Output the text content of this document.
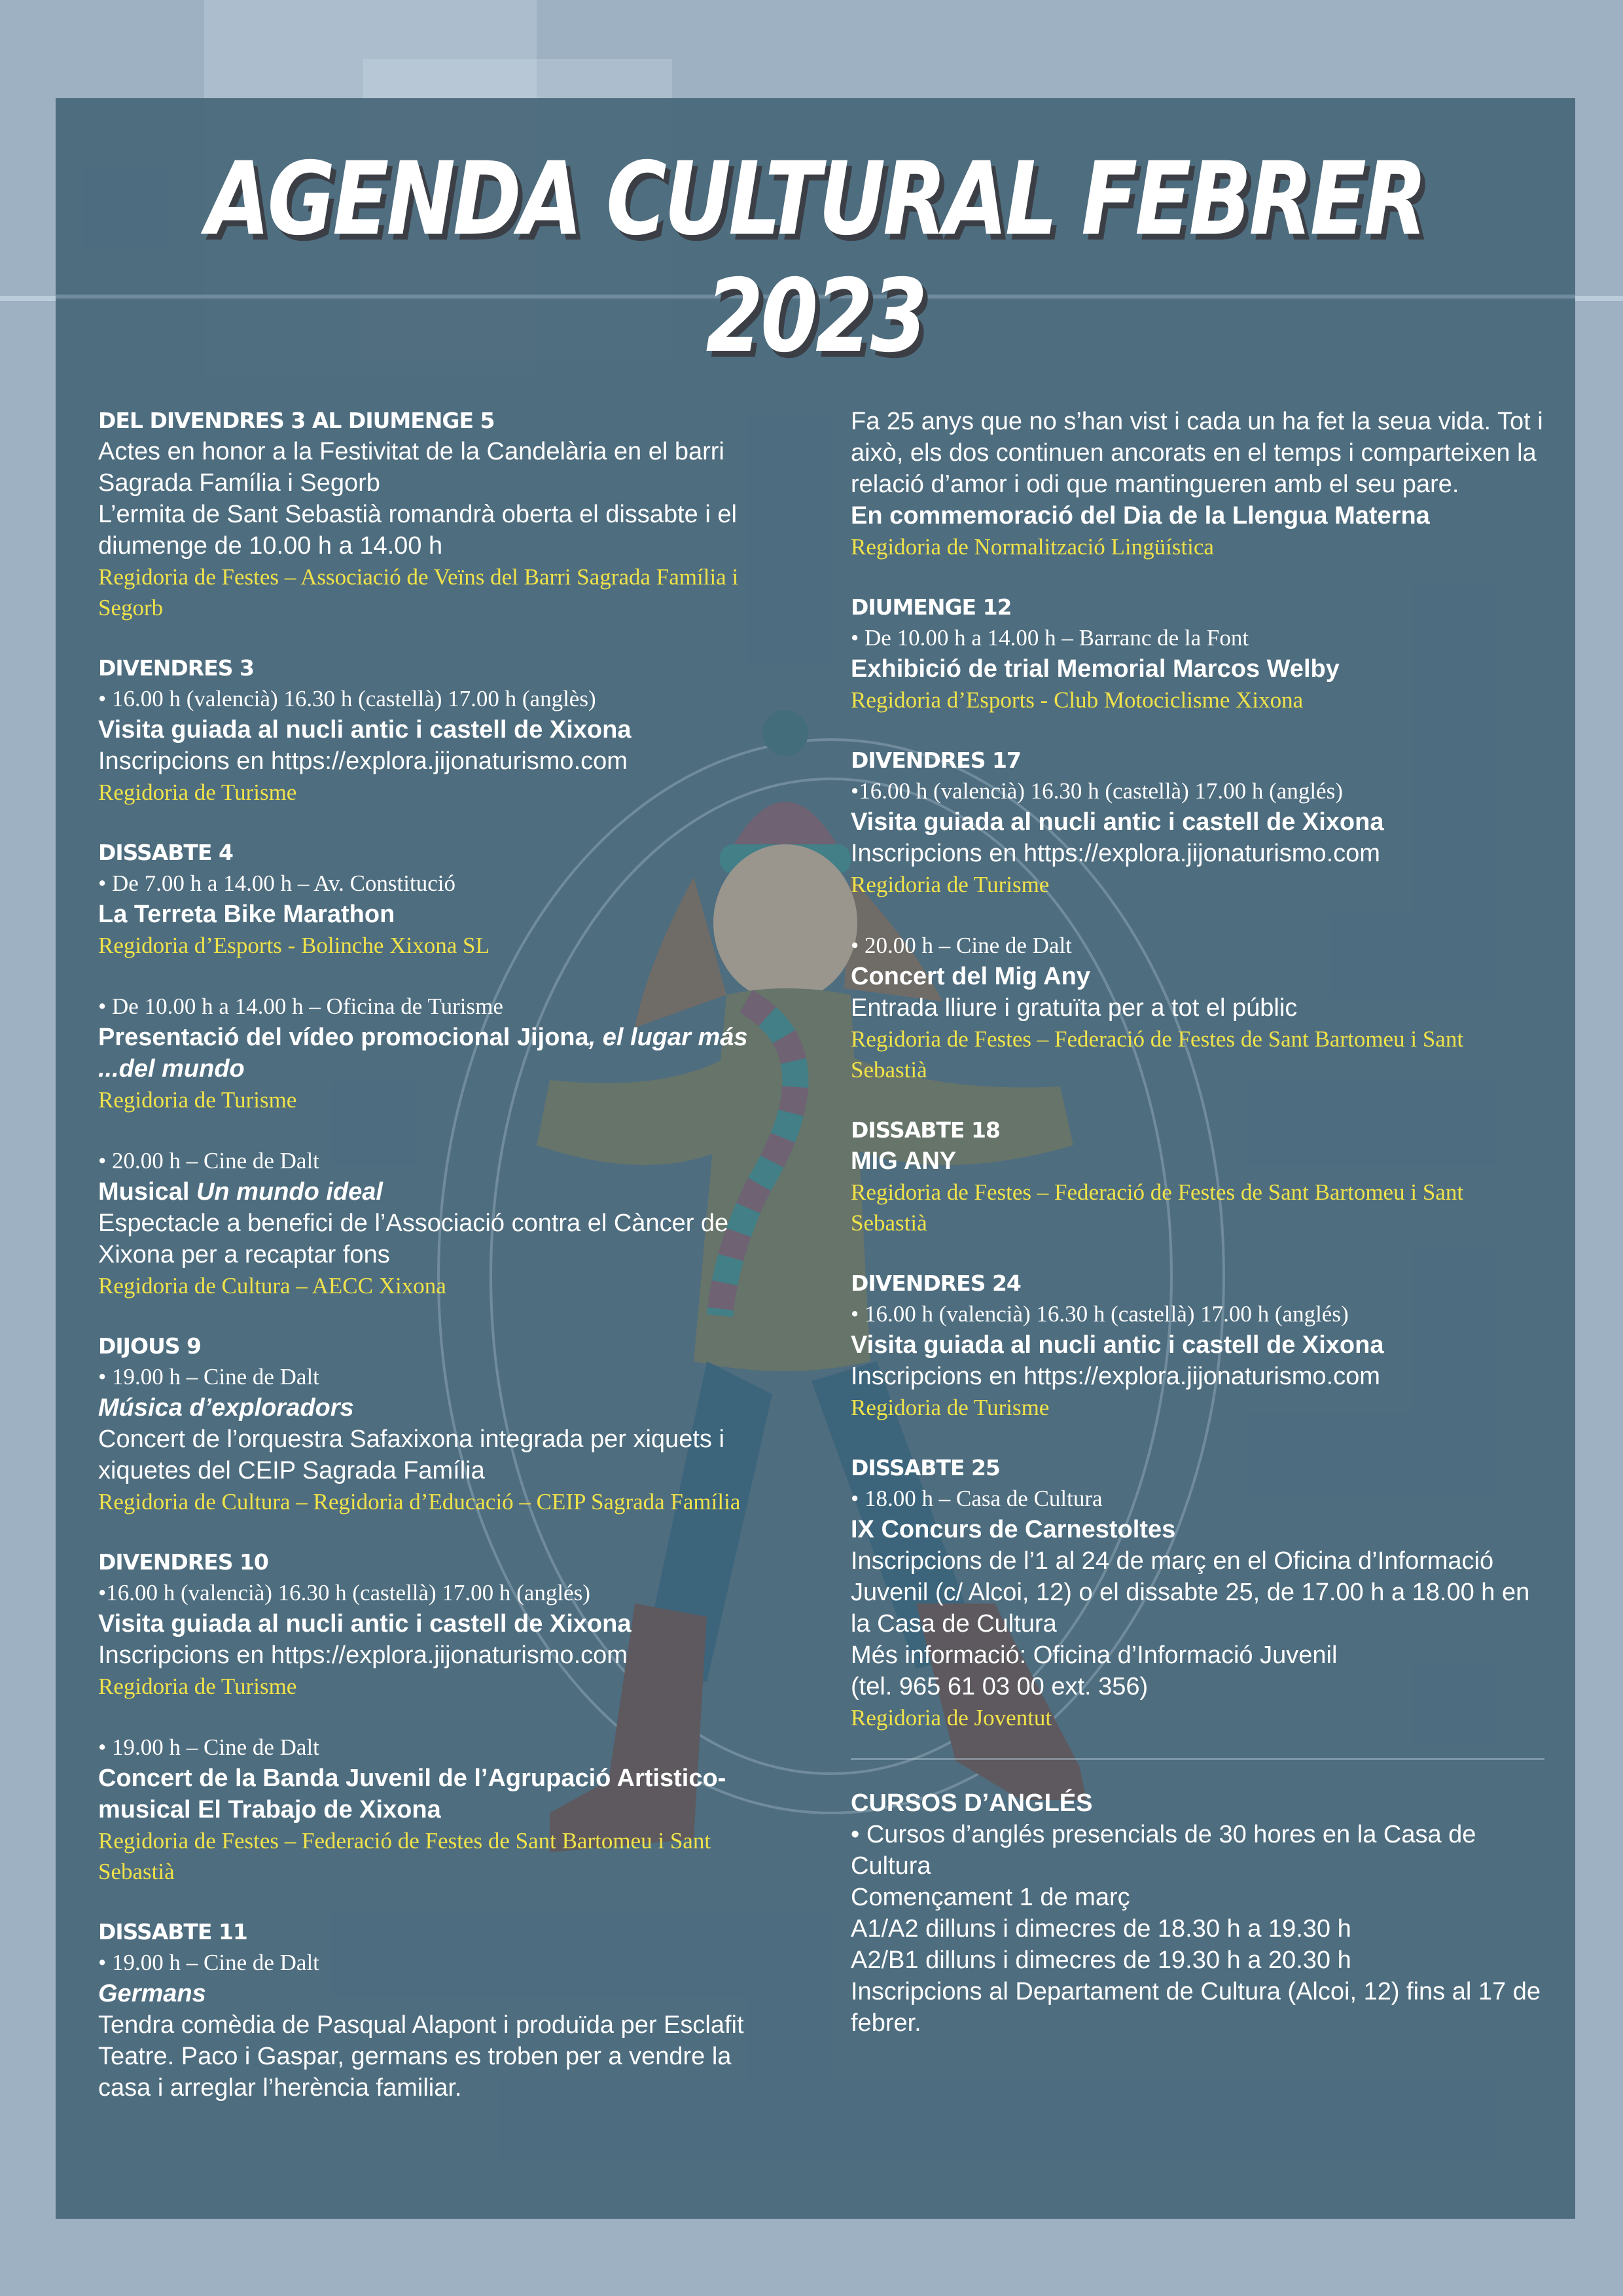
AGENDA CULTURAL FEBRER 2023

DEL DIVENDRES 3 AL DIUMENGE 5

Actes en honor a la Festivitat de la Candelària en el barri Sagrada Família i Segorb

L’ermita de Sant Sebastià romandrà oberta el dissabte i el diumenge de 10.00 h a 14.00 h

Regidoria de Festes – Associació de Veïns del Barri Sagrada Família i Segorb

DIVENDRES 3

• 16.00 h (valencià) 16.30 h (castellà) 17.00 h (anglès)

Visita guiada al nucli antic i castell de Xixona

Inscripcions en https://explora.jijonaturismo.com

Regidoria de Turisme

DISSABTE 4

• De 7.00 h a 14.00 h – Av. Constitució

La Terreta Bike Marathon

Regidoria d’Esports - Bolinche Xixona SL

• De 10.00 h a 14.00 h – Oficina de Turisme

Presentació del vídeo promocional Jijona, el lugar más ...del mundo

Regidoria de Turisme

• 20.00 h – Cine de Dalt

Musical Un mundo ideal

Espectacle a benefici de l’Associació contra el Càncer de Xixona per a recaptar fons

Regidoria de Cultura – AECC Xixona

DIJOUS 9

• 19.00 h – Cine de Dalt

Música d’exploradors

Concert de l’orquestra Safaxixona integrada per xiquets i xiquetes del CEIP Sagrada Família

Regidoria de Cultura – Regidoria d’Educació – CEIP Sagrada Família

DIVENDRES 10

•16.00 h (valencià) 16.30 h (castellà) 17.00 h (anglés)

Visita guiada al nucli antic i castell de Xixona

Inscripcions en https://explora.jijonaturismo.com

Regidoria de Turisme

• 19.00 h – Cine de Dalt

Concert de la Banda Juvenil de l’Agrupació Artistico-musical El Trabajo de Xixona

Regidoria de Festes – Federació de Festes de Sant Bartomeu i Sant Sebastià

DISSABTE 11

• 19.00 h – Cine de Dalt

Germans

Tendra comèdia de Pasqual Alapont i produïda per Esclafit Teatre. Paco i Gaspar, germans es troben per a vendre la casa i arreglar l’herència familiar.

Fa 25 anys que no s’han vist i cada un ha fet la seua vida. Tot i això, els dos continuen ancorats en el temps i comparteixen la relació d’amor i odi que mantingueren amb el seu pare.

En commemoració del Dia de la Llengua Materna

Regidoria de Normalització Lingüística

DIUMENGE 12

• De 10.00 h a 14.00 h – Barranc de la Font

Exhibició de trial Memorial Marcos Welby

Regidoria d’Esports - Club Motociclisme Xixona

DIVENDRES 17

•16.00 h (valencià) 16.30 h (castellà) 17.00 h (anglés)

Visita guiada al nucli antic i castell de Xixona

Inscripcions en https://explora.jijonaturismo.com

Regidoria de Turisme

• 20.00 h – Cine de Dalt

Concert del Mig Any

Entrada lliure i gratuïta per a tot el públic

Regidoria de Festes – Federació de Festes de Sant Bartomeu i Sant Sebastià

DISSABTE 18

MIG ANY

Regidoria de Festes – Federació de Festes de Sant Bartomeu i Sant Sebastià

DIVENDRES 24

• 16.00 h (valencià) 16.30 h (castellà) 17.00 h (anglés)

Visita guiada al nucli antic i castell de Xixona

Inscripcions en https://explora.jijonaturismo.com

Regidoria de Turisme

DISSABTE 25

• 18.00 h – Casa de Cultura

IX Concurs de Carnestoltes

Inscripcions de l’1 al 24 de març en el Oficina d’Informació Juvenil (c/ Alcoi, 12) o el dissabte 25, de 17.00 h a 18.00 h en la Casa de Cultura

Més informació: Oficina d’Informació Juvenil

(tel. 965 61 03 00 ext. 356)

Regidoria de Joventut

CURSOS D’ANGLÉS

• Cursos d’anglés presencials de 30 hores en la Casa de Cultura

Començament 1 de març

A1/A2 dilluns i dimecres de 18.30 h a 19.30 h

A2/B1 dilluns i dimecres de 19.30 h a 20.30 h

Inscripcions al Departament de Cultura (Alcoi, 12) fins al 17 de febrer.
